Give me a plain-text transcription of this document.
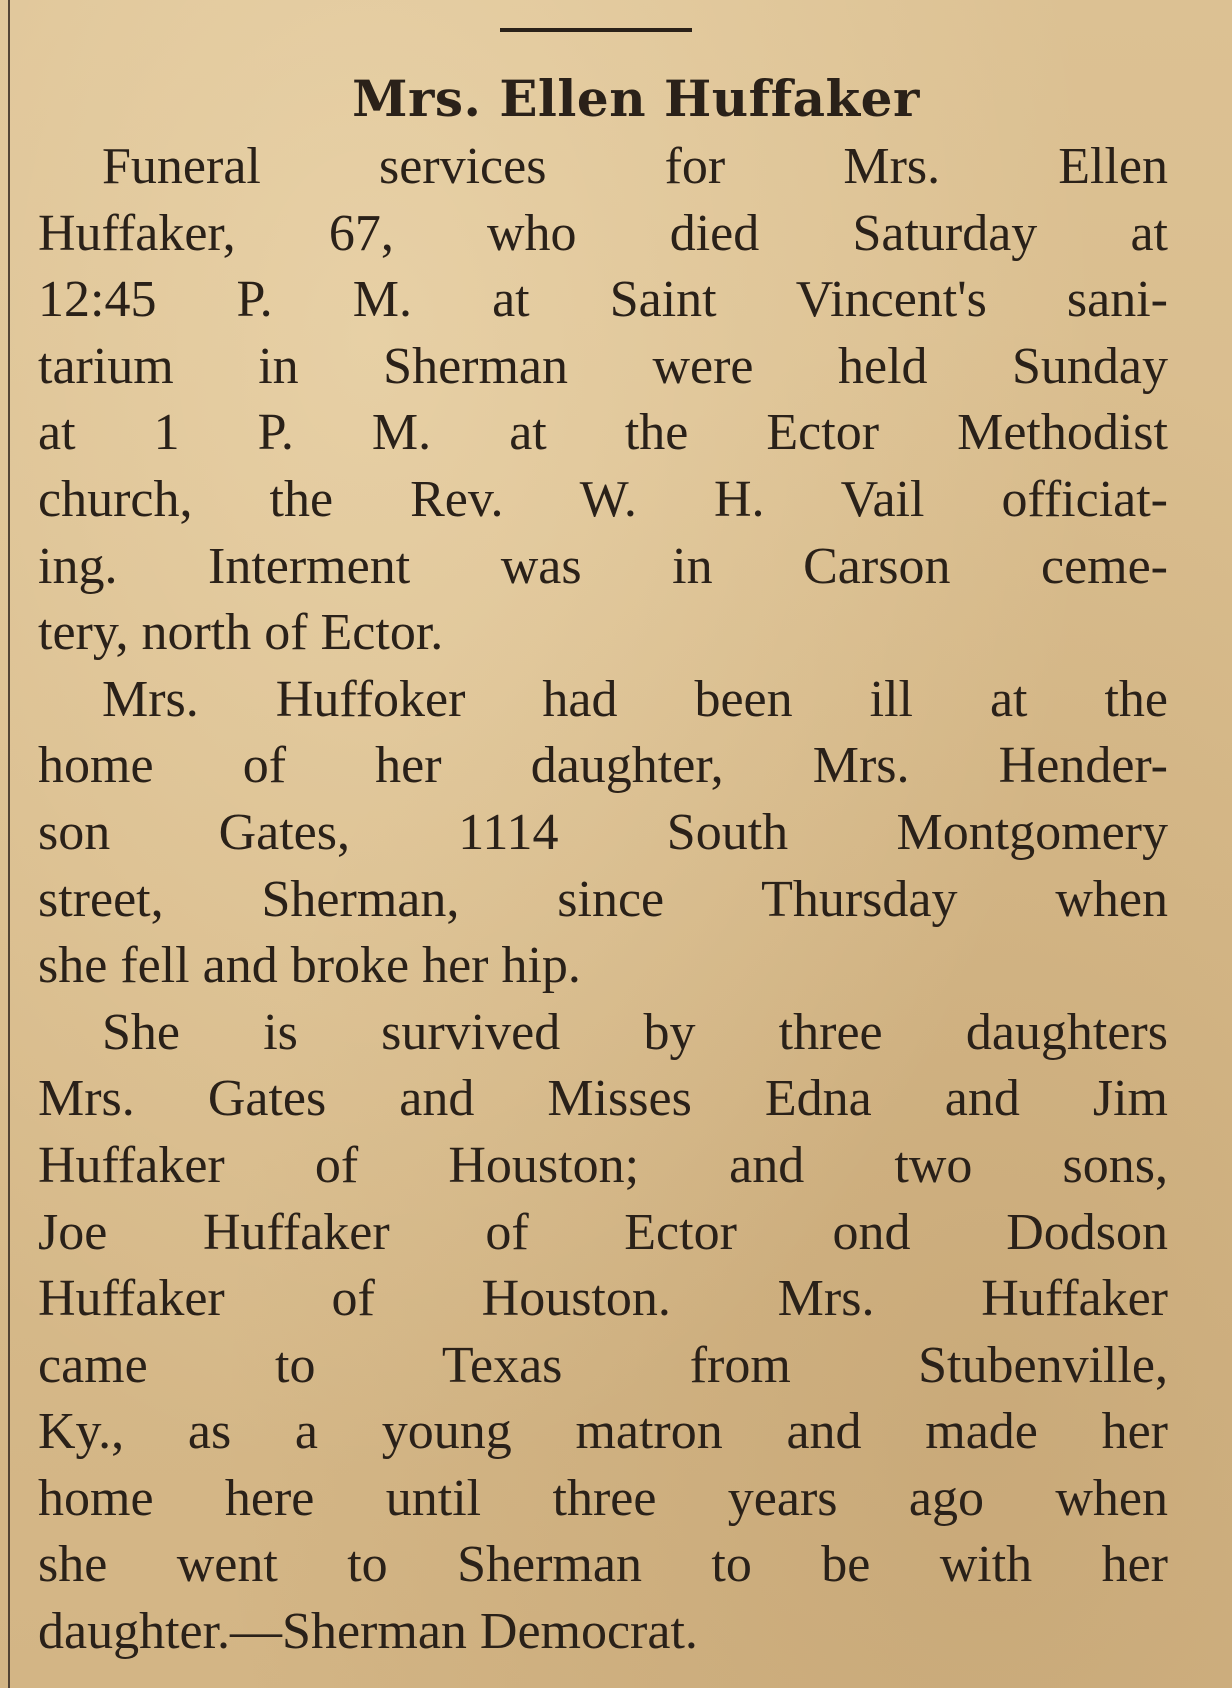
Mrs. Ellen Huffaker
Funeral services for Mrs. Ellen
Huffaker, 67, who died Saturday at
12:45 P. M. at Saint Vincent's sani-
tarium in Sherman were held Sunday
at 1 P. M. at the Ector Methodist
church, the Rev. W. H. Vail officiat-
ing. Interment was in Carson ceme-
tery, north of Ector.
Mrs. Huffoker had been ill at the
home of her daughter, Mrs. Hender-
son Gates, 1114 South Montgomery
street, Sherman, since Thursday when
she fell and broke her hip.
She is survived by three daughters
Mrs. Gates and Misses Edna and Jim
Huffaker of Houston; and two sons,
Joe Huffaker of Ector ond Dodson
Huffaker of Houston. Mrs. Huffaker
came to Texas from Stubenville,
Ky., as a young matron and made her
home here until three years ago when
she went to Sherman to be with her
daughter.—Sherman Democrat.
